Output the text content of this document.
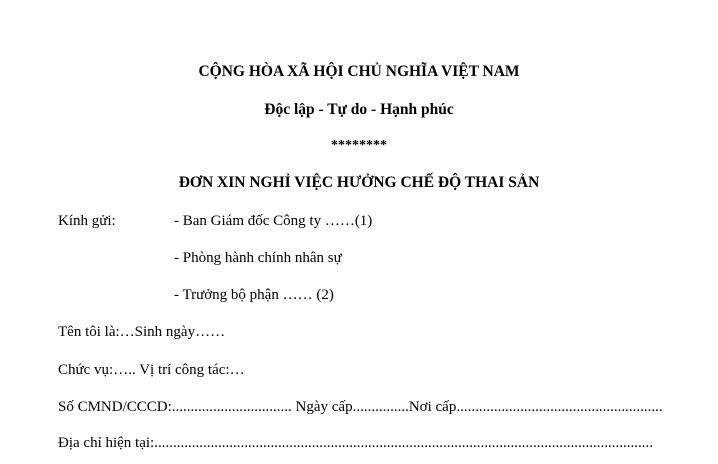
CỘNG HÒA XÃ HỘI CHỦ NGHĨA VIỆT NAM
Độc lập - Tự do - Hạnh phúc
********
ĐƠN XIN NGHỈ VIỆC HƯỞNG CHẾ ĐỘ THAI SẢN
Kính gửi:	- Ban Giám đốc Công ty ……(1)
- Phòng hành chính nhân sự
- Trưởng bộ phận …… (2)
Tên tôi là:…Sinh ngày……
Chức vụ:….. Vị trí công tác:…
Số CMND/CCCD:................................ Ngày cấp...............Nơi cấp.......................................................
Địa chỉ hiện tại:.....................................................................................................................................
